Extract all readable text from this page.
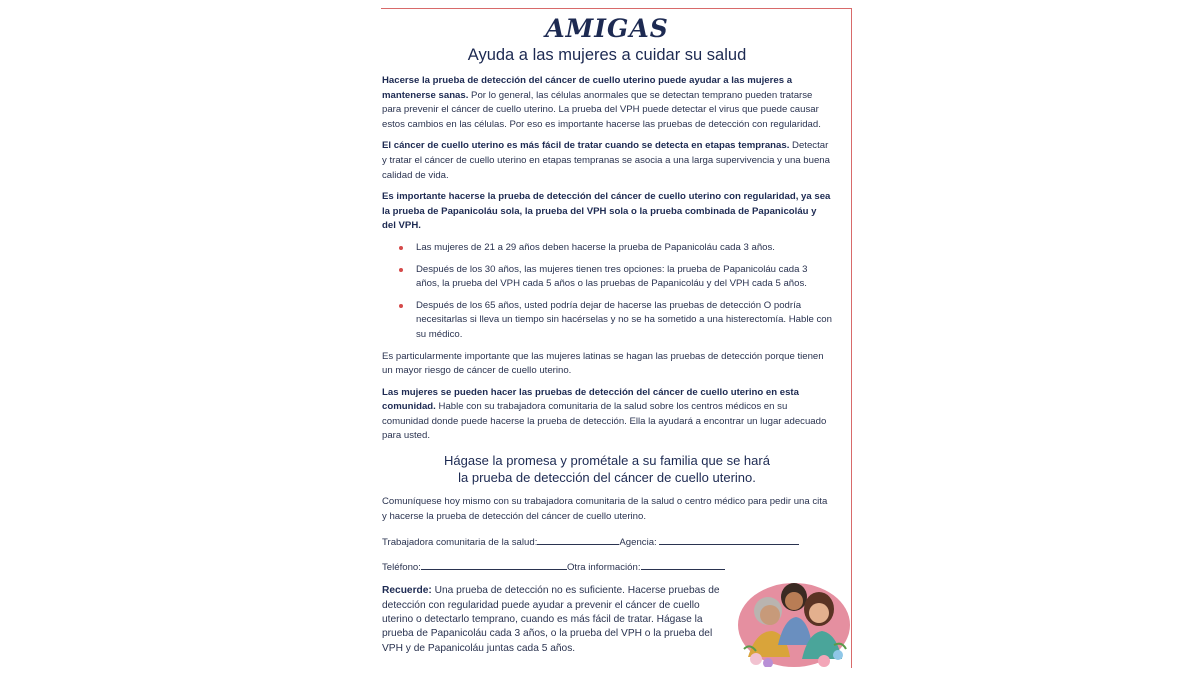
AMIGAS
Ayuda a las mujeres a cuidar su salud

Hacerse la prueba de detección del cáncer de cuello uterino puede ayudar a las mujeres a mantenerse sanas. Por lo general, las células anormales que se detectan temprano pueden tratarse para prevenir el cáncer de cuello uterino. La prueba del VPH puede detectar el virus que puede causar estos cambios en las células. Por eso es importante hacerse las pruebas de detección con regularidad.

El cáncer de cuello uterino es más fácil de tratar cuando se detecta en etapas tempranas. Detectar y tratar el cáncer de cuello uterino en etapas tempranas se asocia a una larga supervivencia y una buena calidad de vida.

Es importante hacerse la prueba de detección del cáncer de cuello uterino con regularidad, ya sea la prueba de Papanicoláu sola, la prueba del VPH sola o la prueba combinada de Papanicoláu y del VPH.

Las mujeres de 21 a 29 años deben hacerse la prueba de Papanicoláu cada 3 años.
Después de los 30 años, las mujeres tienen tres opciones: la prueba de Papanicoláu cada 3 años, la prueba del VPH cada 5 años o las pruebas de Papanicoláu y del VPH cada 5 años.
Después de los 65 años, usted podría dejar de hacerse las pruebas de detección O podría necesitarlas si lleva un tiempo sin hacérselas y no se ha sometido a una histerectomía. Hable con su médico.

Es particularmente importante que las mujeres latinas se hagan las pruebas de detección porque tienen un mayor riesgo de cáncer de cuello uterino.

Las mujeres se pueden hacer las pruebas de detección del cáncer de cuello uterino en esta comunidad. Hable con su trabajadora comunitaria de la salud sobre los centros médicos en su comunidad donde puede hacerse la prueba de detección. Ella la ayudará a encontrar un lugar adecuado para usted.

Hágase la promesa y prométale a su familia que se hará
la prueba de detección del cáncer de cuello uterino.

Comuníquese hoy mismo con su trabajadora comunitaria de la salud o centro médico para pedir una cita y hacerse la prueba de detección del cáncer de cuello uterino.

Trabajadora comunitaria de la salud:	Agencia:
Teléfono:	Otra información:
Recuerde: Una prueba de detección no es suficiente. Hacerse pruebas de detección con regularidad puede ayudar a prevenir el cáncer de cuello uterino o detectarlo temprano, cuando es más fácil de tratar. Hágase la prueba de Papanicoláu cada 3 años, o la prueba del VPH o la prueba del VPH y de Papanicoláu juntas cada 5 años.
